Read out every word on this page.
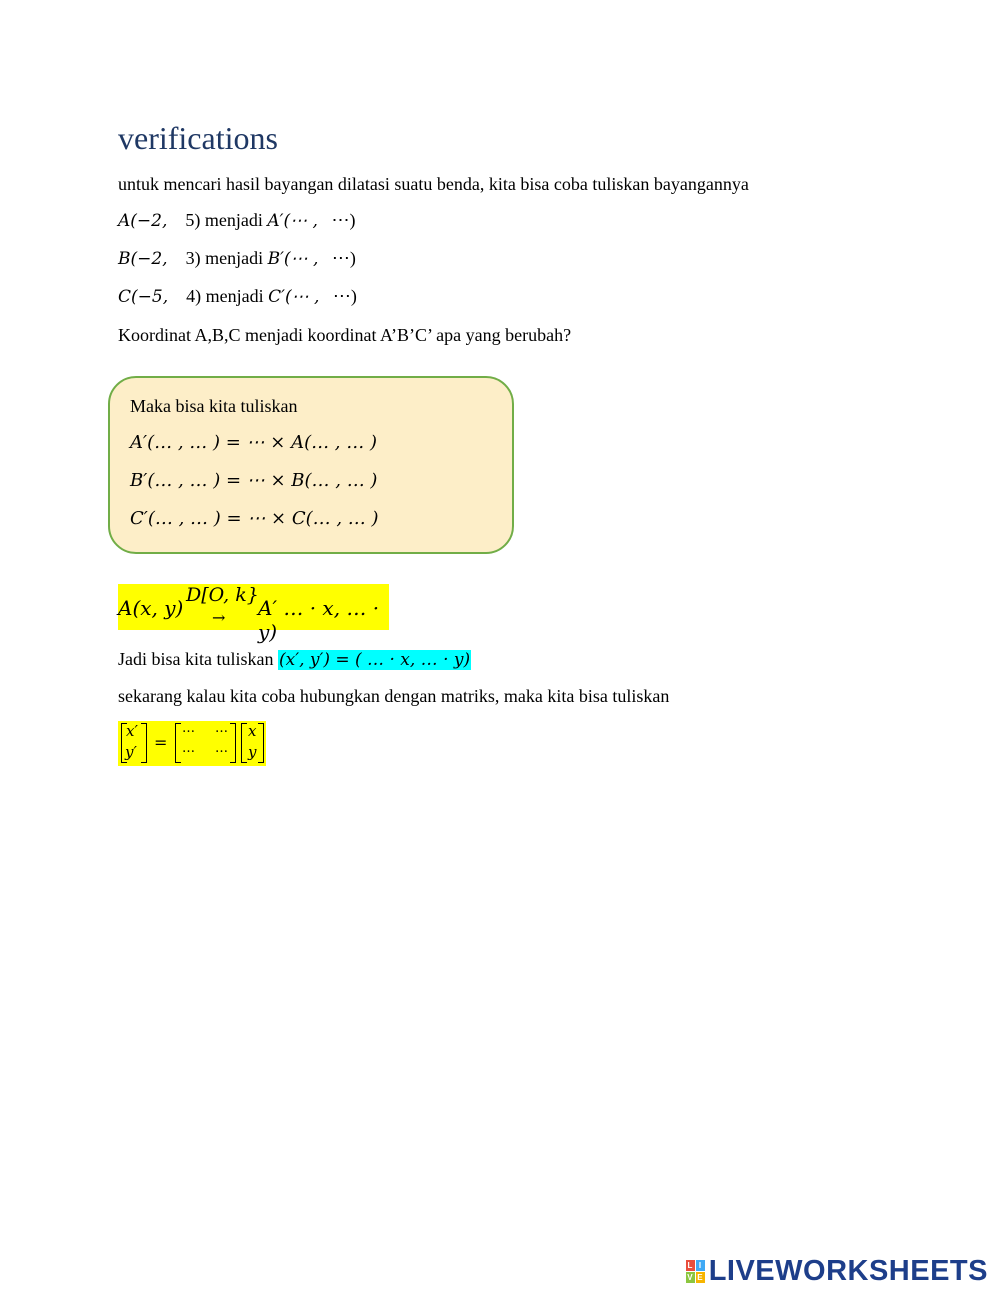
verifications
untuk mencari hasil bayangan dilatasi suatu benda, kita bisa coba tuliskan bayangannya
A(−2, 5) menjadi A′(⋯ , ⋯)
B(−2, 3) menjadi B′(⋯ , ⋯)
C(−5, 4) menjadi C′(⋯ , ⋯)
Koordinat A,B,C menjadi koordinat A’B’C’ apa yang berubah?
Maka bisa kita tuliskan
A′(… , … ) = ⋯ × A(… , … )
B′(… , … ) = ⋯ × B(… , … )
C′(… , … ) = ⋯ × C(… , … )
A(x, y)
D[O, k}
→ A′ … · x, … · y)
Jadi bisa kita tuliskan (x′, y′) = ( … · x, … · y)
sekarang kalau kita coba hubungkan dengan matriks, maka kita bisa tuliskan
x′
y′ =
… …
… …
x
y
L I
V E LIVEWORKSHEETS
